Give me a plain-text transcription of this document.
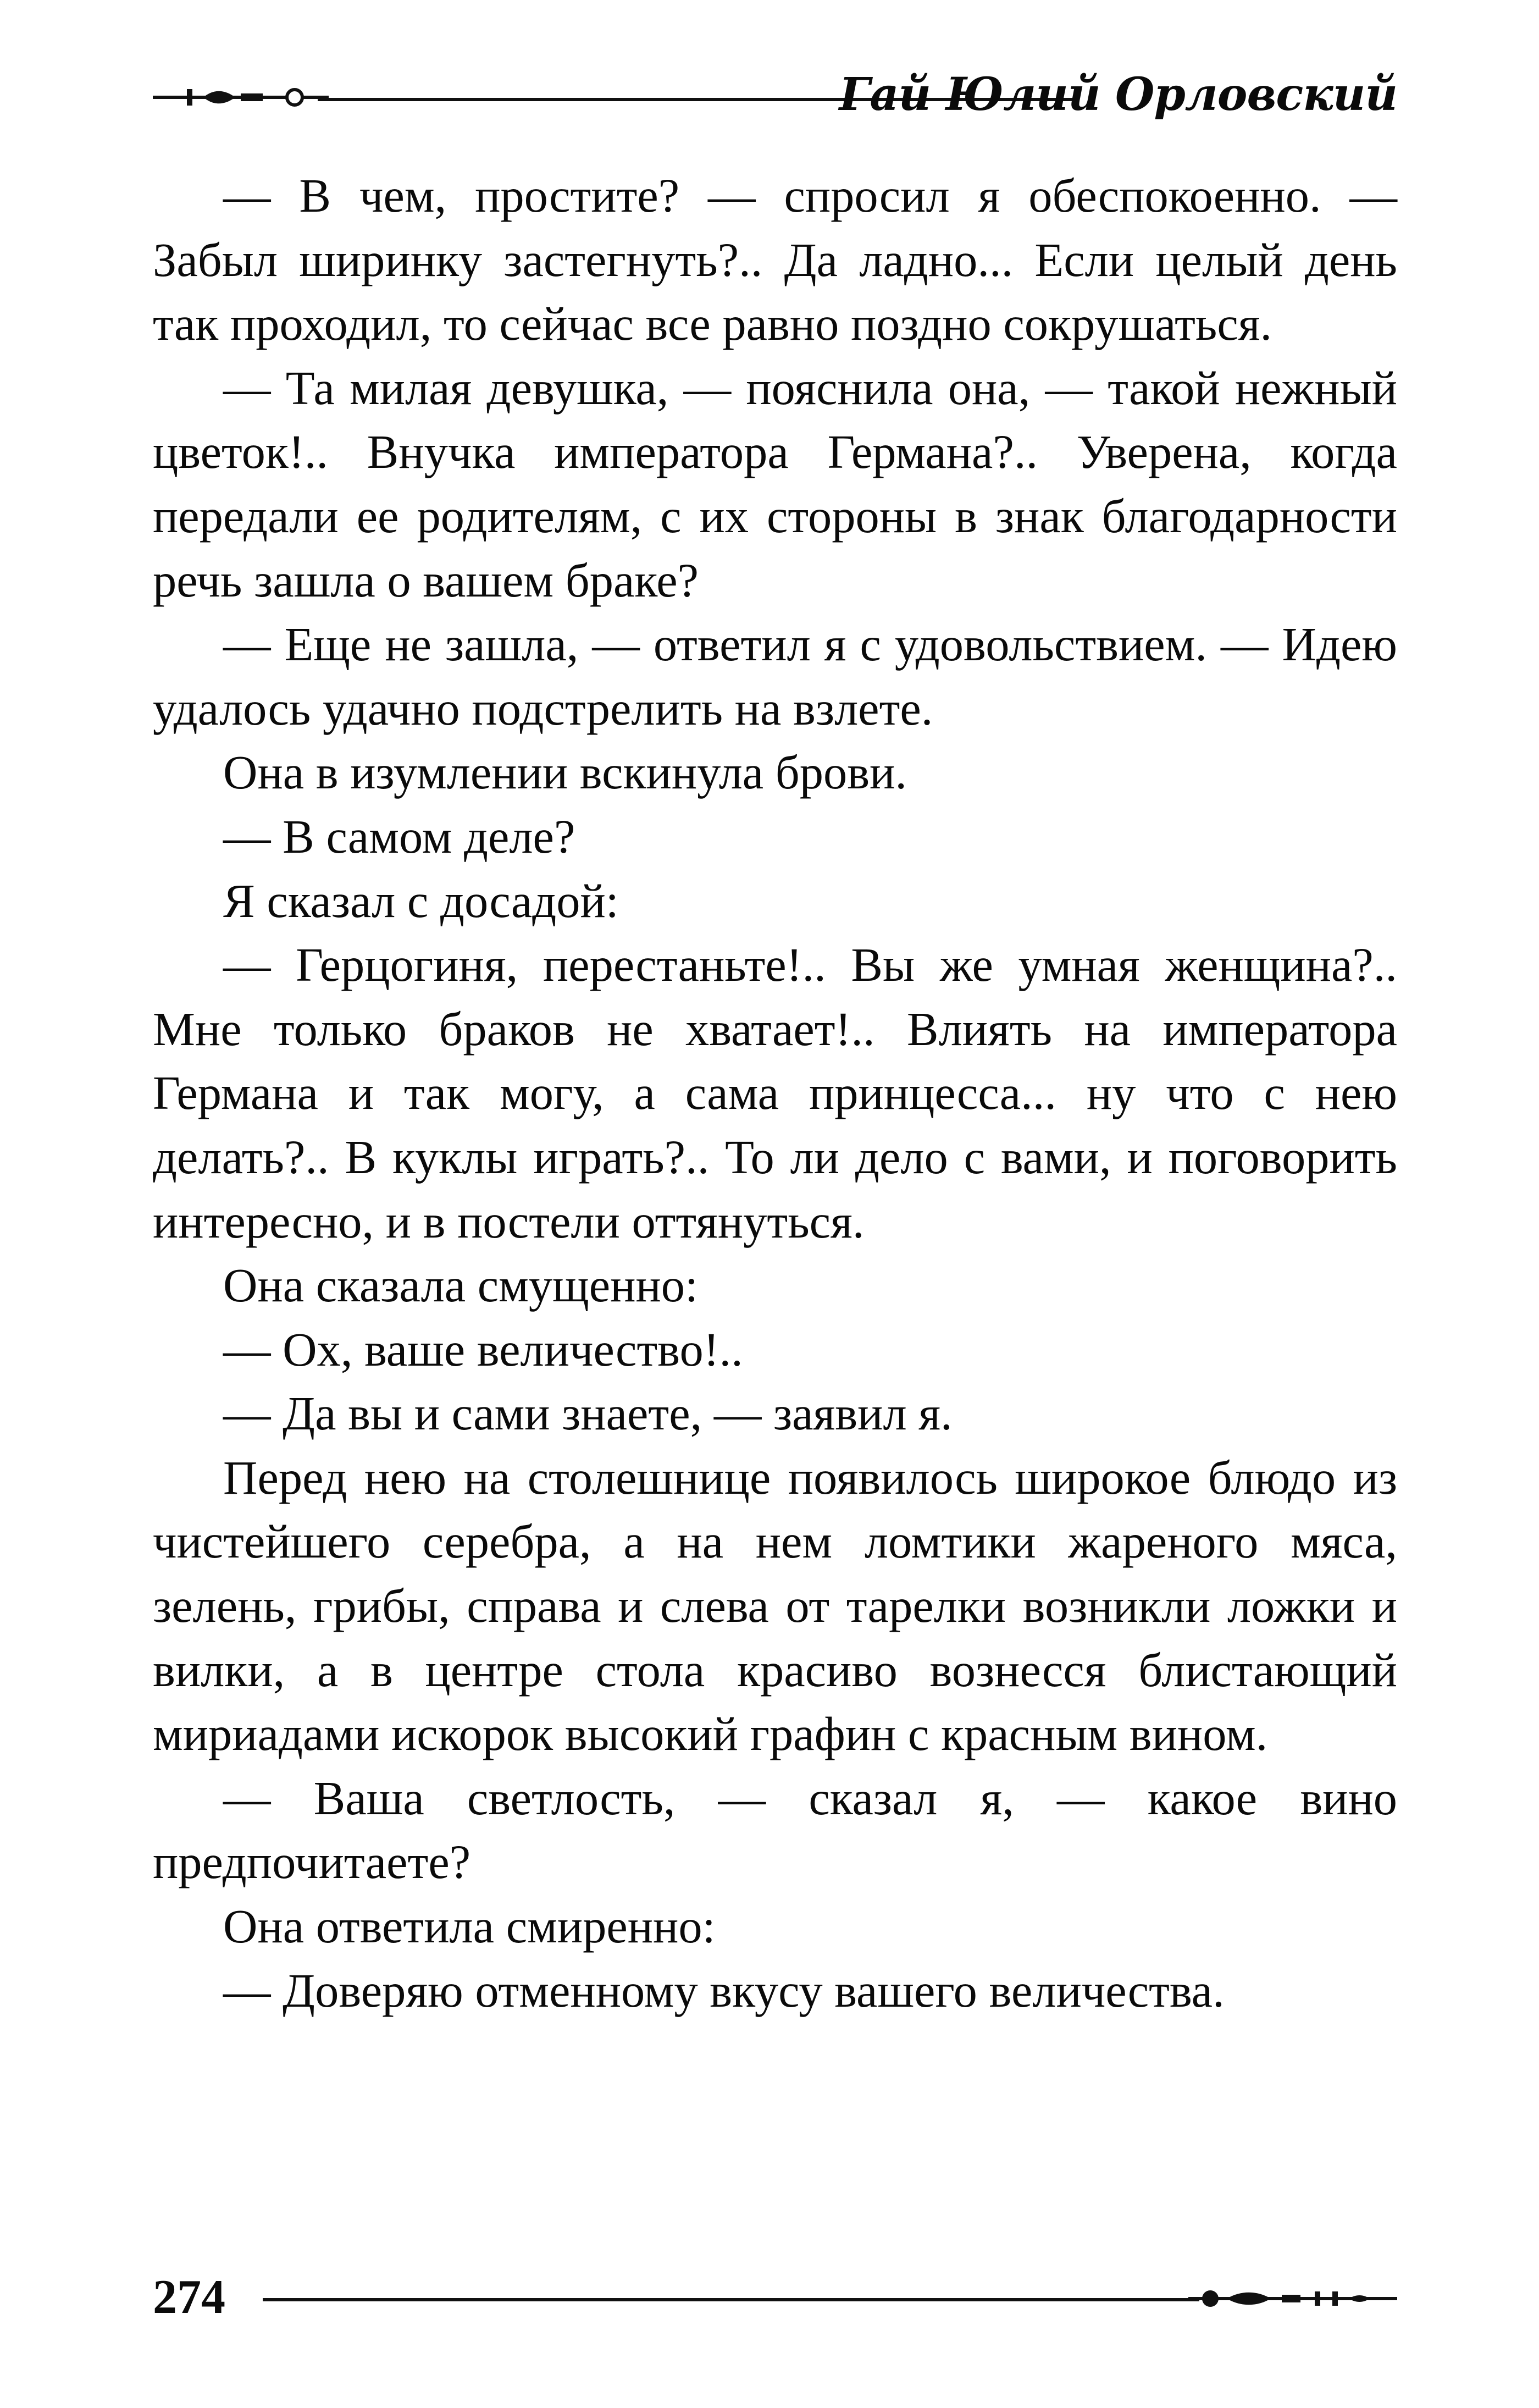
Гай Юлий Орловский

— В чем, простите? — спросил я обеспокоенно. — Забыл ширинку застегнуть?.. Да ладно... Если целый день так проходил, то сейчас все равно поздно сокрушаться.

— Та милая девушка, — пояснила она, — такой нежный цветок!.. Внучка императора Германа?.. Уверена, когда передали ее родителям, с их стороны в знак благодарности речь зашла о вашем браке?

— Еще не зашла, — ответил я с удовольствием. — Идею удалось удачно подстрелить на взлете.

Она в изумлении вскинула брови.

— В самом деле?

Я сказал с досадой:

— Герцогиня, перестаньте!.. Вы же умная женщина?.. Мне только браков не хватает!.. Влиять на императора Германа и так могу, а сама принцесса... ну что с нею делать?.. В куклы играть?.. То ли дело с вами, и поговорить интересно, и в постели оттянуться.

Она сказала смущенно:

— Ох, ваше величество!..

— Да вы и сами знаете, — заявил я.

Перед нею на столешнице появилось широкое блюдо из чистейшего серебра, а на нем ломтики жареного мяса, зелень, грибы, справа и слева от тарелки возникли ложки и вилки, а в центре стола красиво вознесся блистающий мириадами искорок высокий графин с красным вином.

— Ваша светлость, — сказал я, — какое вино предпочитаете?

Она ответила смиренно:

— Доверяю отменному вкусу вашего величества.

274
